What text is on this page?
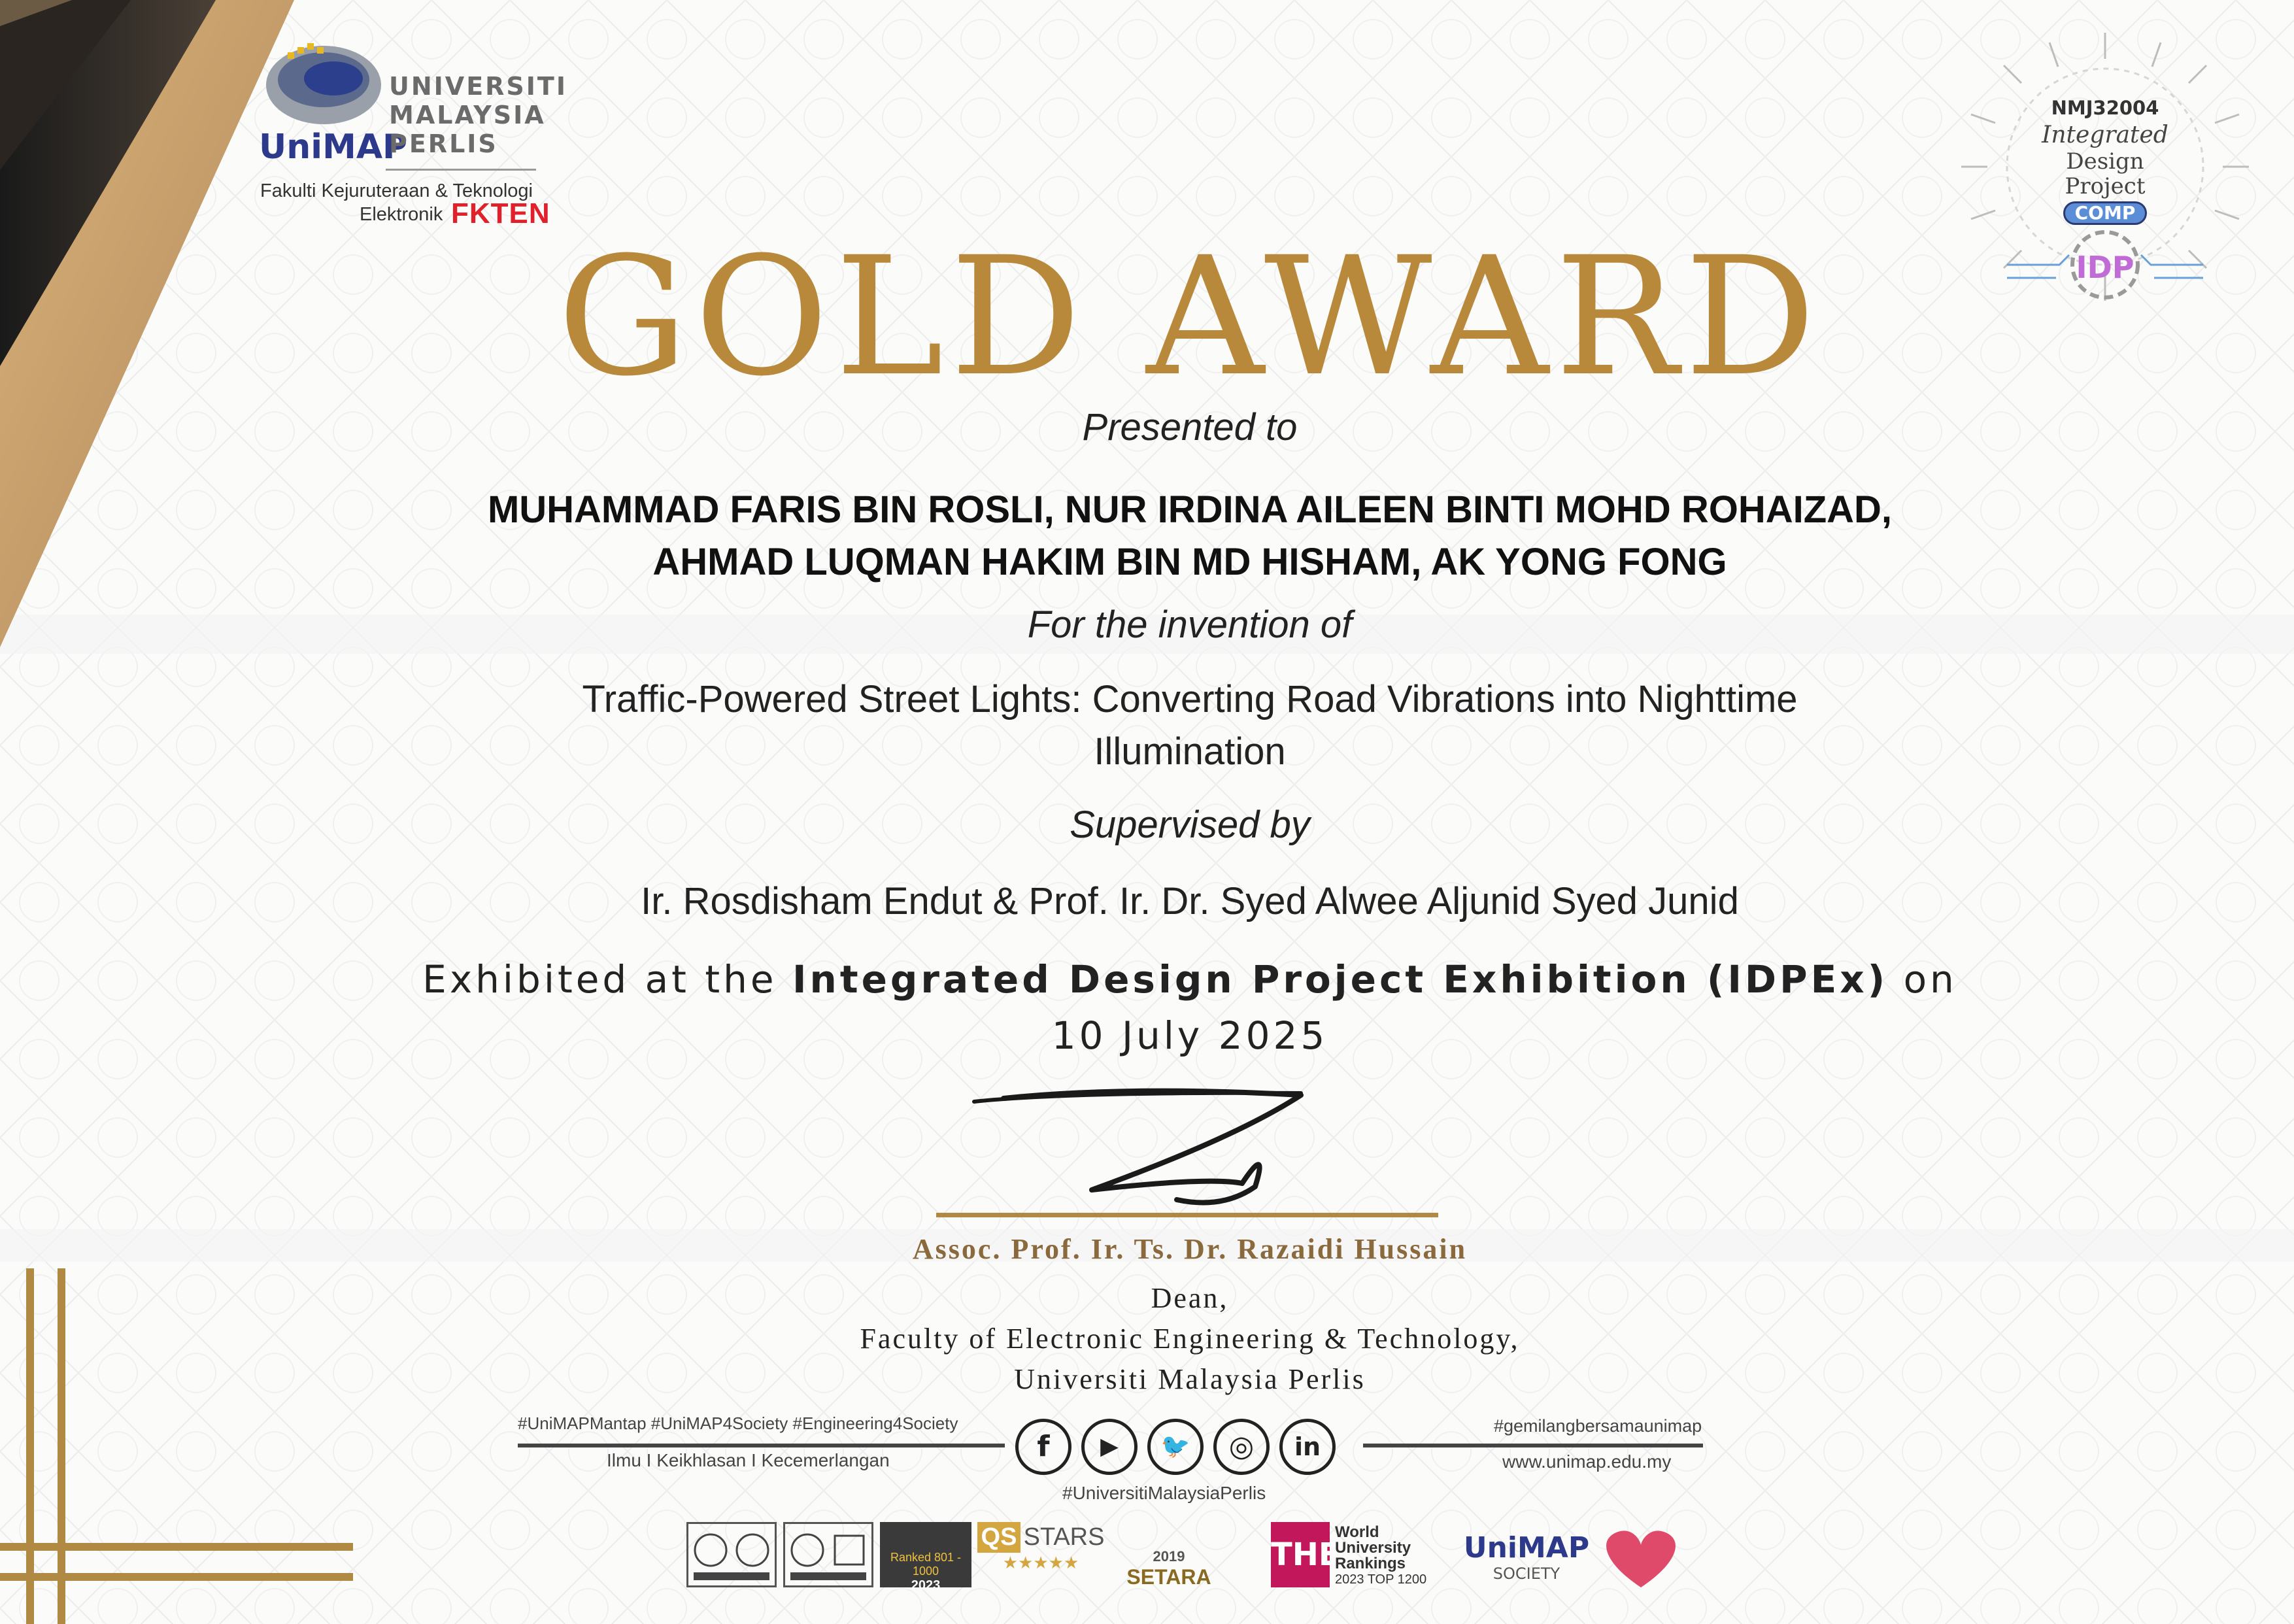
UNIVERSITI
MALAYSIA
UniMAP
PERLIS
Fakulti Kejuruteraan & Teknologi
Elektronik FKTEN
NMJ32004
Integrated
Design
Project
COMP
IDP
GOLD AWARD
Presented to
MUHAMMAD FARIS BIN ROSLI, NUR IRDINA AILEEN BINTI MOHD ROHAIZAD,
AHMAD LUQMAN HAKIM BIN MD HISHAM, AK YONG FONG
For the invention of
Traffic-Powered Street Lights: Converting Road Vibrations into Nighttime
Illumination
Supervised by
Ir. Rosdisham Endut & Prof. Ir. Dr. Syed Alwee Aljunid Syed Junid
Exhibited at the Integrated Design Project Exhibition (IDPEx) on
10 July 2025
Assoc. Prof. Ir. Ts. Dr. Razaidi Hussain
Dean,
Faculty of Electronic Engineering & Technology,
Universiti Malaysia Perlis
#UniMAPMantap #UniMAP4Society #Engineering4Society
Ilmu I Keikhlasan I Kecemerlangan	f	▶	🐦	◎	in
#gemilangbersamaunimap
www.unimap.edu.my
#UniversitiMalaysiaPerlis
Ranked 801 - 1000
2023
QS STARS
★★★★★	2019
SETARA
THE
World
University
Rankings
2023 TOP 1200
UniMAP
SOCIETY
